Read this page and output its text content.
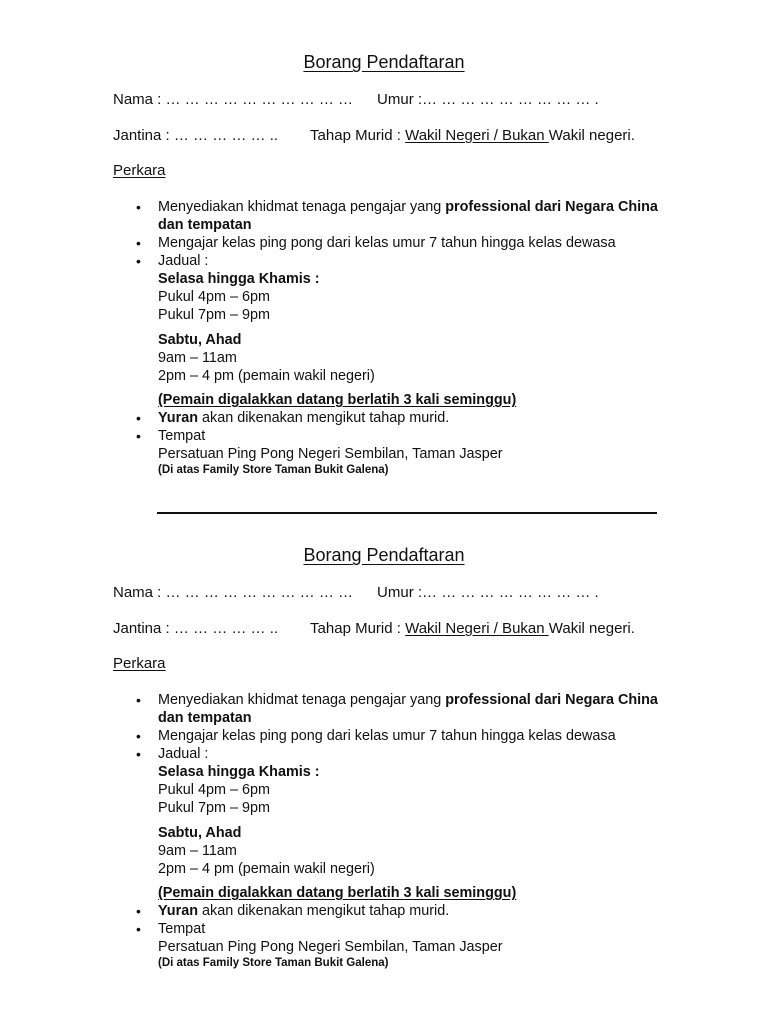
Borang Pendaftaran
Nama : … … … … … … … … … … Umur :… … … … … … … … … .
Jantina : … … … … … .. Tahap Murid : Wakil Negeri / Bukan Wakil negeri.
Perkara
• Menyediakan khidmat tenaga pengajar yang professional dari Negara China dan tempatan
• Mengajar kelas ping pong dari kelas umur 7 tahun hingga kelas dewasa
• Jadual :
Selasa hingga Khamis :
Pukul 4pm – 6pm
Pukul 7pm – 9pm
Sabtu, Ahad
9am – 11am
2pm – 4 pm (pemain wakil negeri)
(Pemain digalakkan datang berlatih 3 kali seminggu)
• Yuran akan dikenakan mengikut tahap murid.
• Tempat
Persatuan Ping Pong Negeri Sembilan, Taman Jasper
(Di atas Family Store Taman Bukit Galena)
Borang Pendaftaran
Nama : … … … … … … … … … … Umur :… … … … … … … … … .
Jantina : … … … … … .. Tahap Murid : Wakil Negeri / Bukan Wakil negeri.
Perkara
• Menyediakan khidmat tenaga pengajar yang professional dari Negara China dan tempatan
• Mengajar kelas ping pong dari kelas umur 7 tahun hingga kelas dewasa
• Jadual :
Selasa hingga Khamis :
Pukul 4pm – 6pm
Pukul 7pm – 9pm
Sabtu, Ahad
9am – 11am
2pm – 4 pm (pemain wakil negeri)
(Pemain digalakkan datang berlatih 3 kali seminggu)
• Yuran akan dikenakan mengikut tahap murid.
• Tempat
Persatuan Ping Pong Negeri Sembilan, Taman Jasper
(Di atas Family Store Taman Bukit Galena)
